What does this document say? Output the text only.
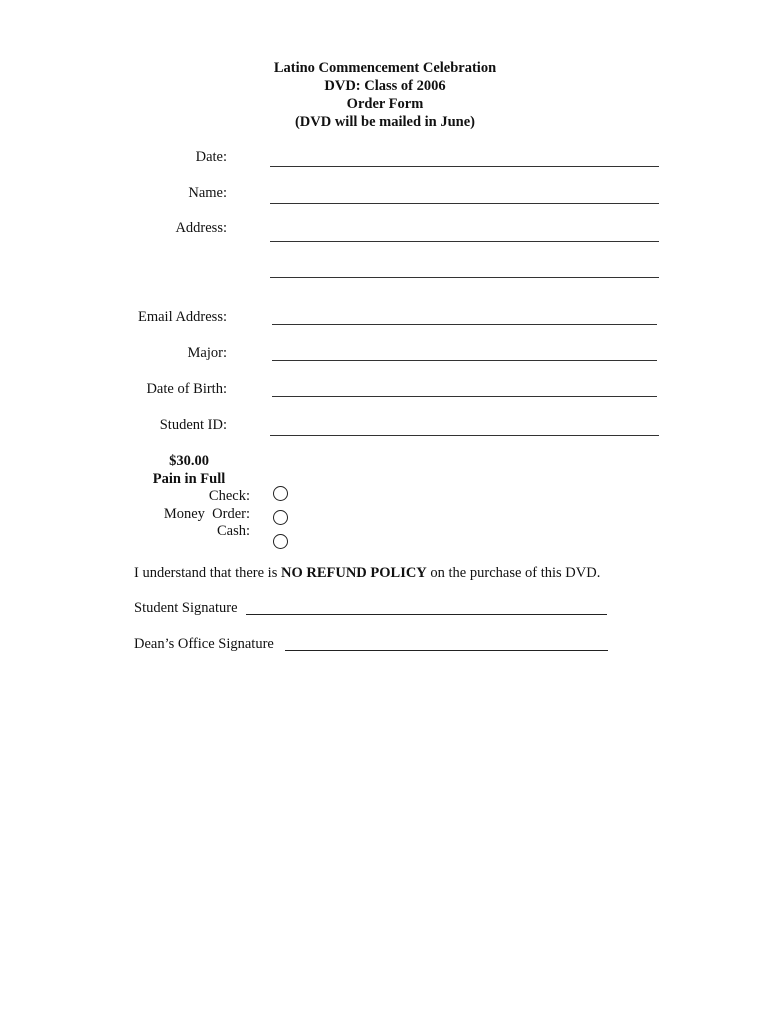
Latino Commencement Celebration
DVD: Class of 2006
Order Form
(DVD will be mailed in June)
Date:
Name:
Address:
Email Address:
Major:
Date of Birth:
Student ID:
$30.00
Pain in Full
Check:
Money  Order:
Cash:
I understand that there is NO REFUND POLICY on the purchase of this DVD.
Student Signature
Dean’s Office Signature
